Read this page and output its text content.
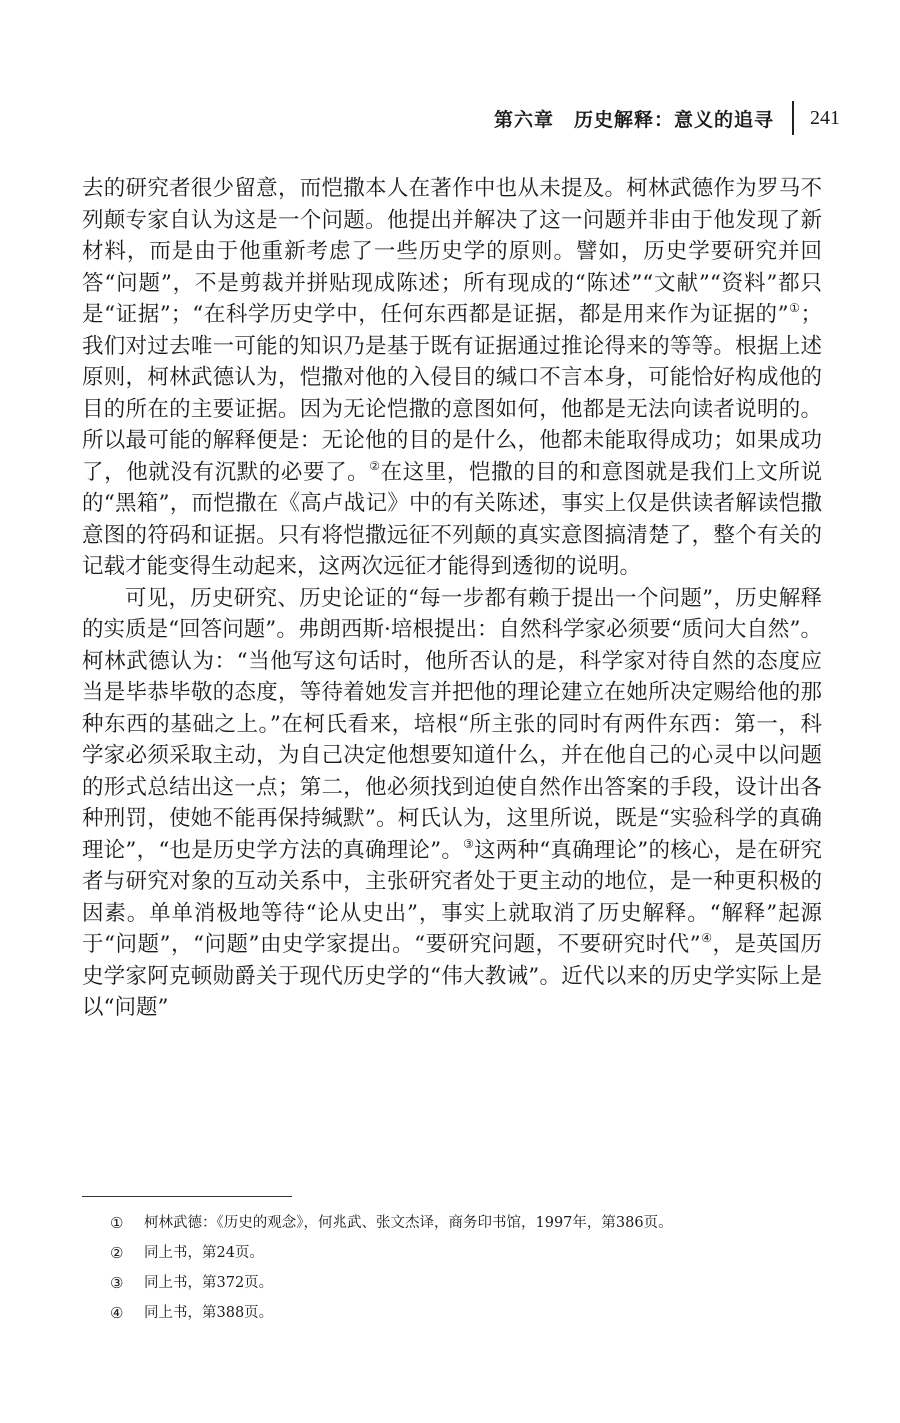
第六章　历史解释：意义的追寻 241

去的研究者很少留意，而恺撒本人在著作中也从未提及。柯林武德作为罗马不列颠专家自认为这是一个问题。他提出并解决了这一问题并非由于他发现了新材料，而是由于他重新考虑了一些历史学的原则。譬如，历史学要研究并回答“问题”，不是剪裁并拼贴现成陈述；所有现成的“陈述”“文献”“资料”都只是“证据”；“在科学历史学中，任何东西都是证据，都是用来作为证据的”①；我们对过去唯一可能的知识乃是基于既有证据通过推论得来的等等。根据上述原则，柯林武德认为，恺撒对他的入侵目的缄口不言本身，可能恰好构成他的目的所在的主要证据。因为无论恺撒的意图如何，他都是无法向读者说明的。所以最可能的解释便是：无论他的目的是什么，他都未能取得成功；如果成功了，他就没有沉默的必要了。②在这里，恺撒的目的和意图就是我们上文所说的“黑箱”，而恺撒在《高卢战记》中的有关陈述，事实上仅是供读者解读恺撒意图的符码和证据。只有将恺撒远征不列颠的真实意图搞清楚了，整个有关的记载才能变得生动起来，这两次远征才能得到透彻的说明。

可见，历史研究、历史论证的“每一步都有赖于提出一个问题”，历史解释的实质是“回答问题”。弗朗西斯·培根提出：自然科学家必须要“质问大自然”。柯林武德认为：“当他写这句话时，他所否认的是，科学家对待自然的态度应当是毕恭毕敬的态度，等待着她发言并把他的理论建立在她所决定赐给他的那种东西的基础之上。”在柯氏看来，培根“所主张的同时有两件东西：第一，科学家必须采取主动，为自己决定他想要知道什么，并在他自己的心灵中以问题的形式总结出这一点；第二，他必须找到迫使自然作出答案的手段，设计出各种刑罚，使她不能再保持缄默”。柯氏认为，这里所说，既是“实验科学的真确理论”，“也是历史学方法的真确理论”。③这两种“真确理论”的核心，是在研究者与研究对象的互动关系中，主张研究者处于更主动的地位，是一种更积极的因素。单单消极地等待“论从史出”，事实上就取消了历史解释。“解释”起源于“问题”，“问题”由史学家提出。“要研究问题，不要研究时代”④，是英国历史学家阿克顿勋爵关于现代历史学的“伟大教诫”。近代以来的历史学实际上是以“问题”

①	柯林武德：《历史的观念》，何兆武、张文杰译，商务印书馆，1997年，第386页。
②	同上书，第24页。
③	同上书，第372页。
④	同上书，第388页。
